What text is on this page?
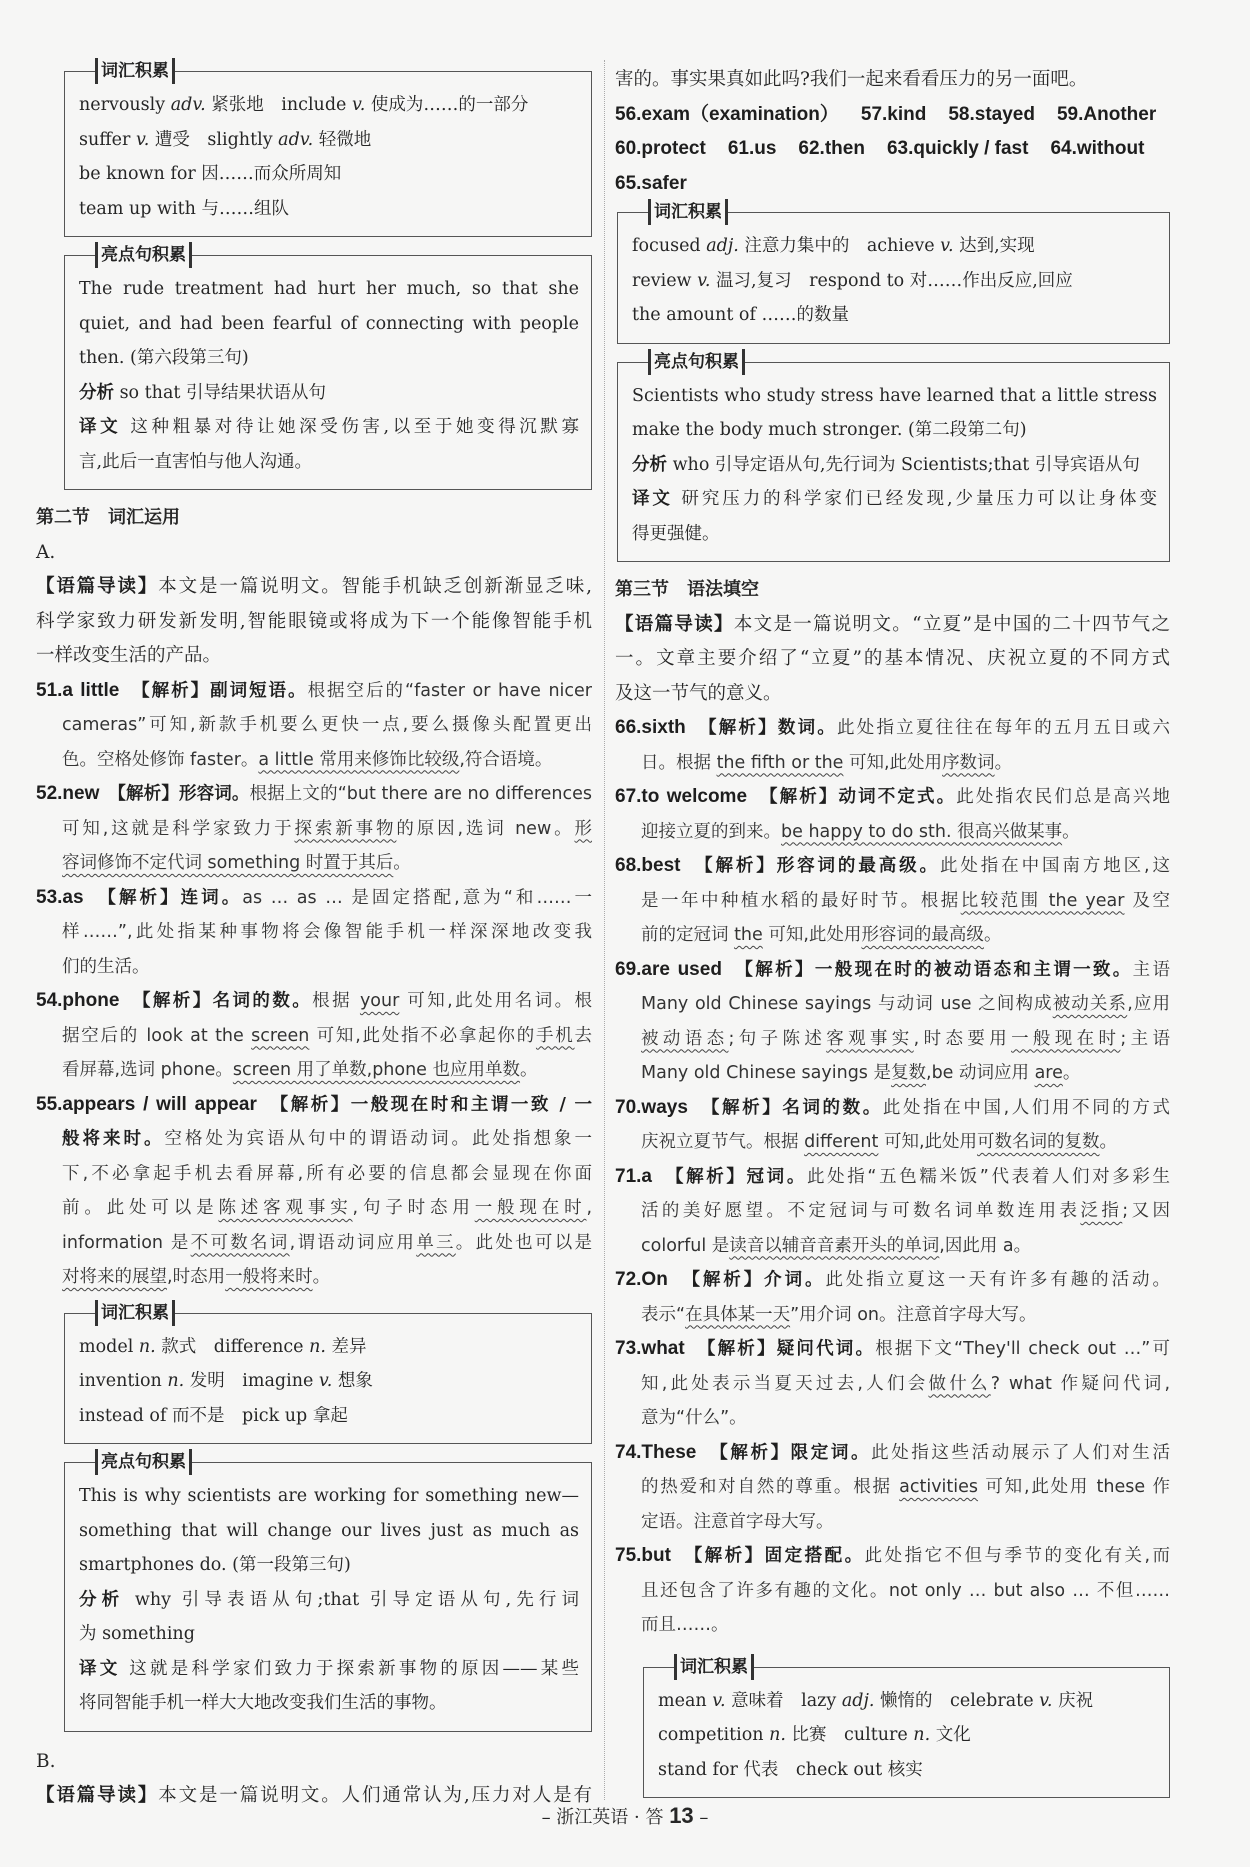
词汇积累
nervously adv. 紧张地　include v. 使成为……的一部分
suffer v. 遭受　slightly adv. 轻微地
be known for 因……而众所周知
team up with 与……组队
亮点句积累
The rude treatment had hurt her much, so that she
quiet, and had been fearful of connecting with people
then. (第六段第三句)
分析 so that 引导结果状语从句
译文 这种粗暴对待让她深受伤害,以至于她变得沉默寡
言,此后一直害怕与他人沟通。
第二节　词汇运用
A.
【语篇导读】本文是一篇说明文。智能手机缺乏创新渐显乏味,
科学家致力研发新发明,智能眼镜或将成为下一个能像智能手机
一样改变生活的产品。
51.a little　 【解析】副词短语。根据空后的“faster or have nicer
cameras”可知,新款手机要么更快一点,要么摄像头配置更出
色。空格处修饰 faster。a little 常用来修饰比较级,符合语境。
52.new　 【解析】形容词。根据上文的“but there are no differences
可知,这就是科学家致力于探索新事物的原因,选词 new。形
容词修饰不定代词 something 时置于其后。
53.as　 【解析】连词。as … as … 是固定搭配,意为“和……一
样……”,此处指某种事物将会像智能手机一样深深地改变我
们的生活。
54.phone　 【解析】名词的数。根据 your 可知,此处用名词。根
据空后的 look at the screen 可知,此处指不必拿起你的手机去
看屏幕,选词 phone。screen 用了单数,phone 也应用单数。
55.appears / will appear　 【解析】一般现在时和主谓一致 / 一
般将来时。空格处为宾语从句中的谓语动词。此处指想象一
下,不必拿起手机去看屏幕,所有必要的信息都会显现在你面
前。此处可以是陈述客观事实,句子时态用一般现在时,
information 是不可数名词,谓语动词应用单三。此处也可以是
对将来的展望,时态用一般将来时。
词汇积累
model n. 款式　difference n. 差异
invention n. 发明　imagine v. 想象
instead of 而不是　pick up 拿起
亮点句积累
This is why scientists are working for something new—
something that will change our lives just as much as
smartphones do. (第一段第三句)
分析 why 引导表语从句;that 引导定语从句,先行词
为 something
译文 这就是科学家们致力于探索新事物的原因——某些
将同智能手机一样大大地改变我们生活的事物。
B.
【语篇导读】本文是一篇说明文。人们通常认为,压力对人是有
害的。事实果真如此吗?我们一起来看看压力的另一面吧。
56.exam（examination） 57.kind 58.stayed 59.Another
60.protect 61.us 62.then 63.quickly / fast 64.without
65.safer
词汇积累
focused adj. 注意力集中的　achieve v. 达到,实现
review v. 温习,复习　respond to 对……作出反应,回应
the amount of ……的数量
亮点句积累
Scientists who study stress have learned that a little stress
make the body much stronger. (第二段第二句)
分析 who 引导定语从句,先行词为 Scientists;that 引导宾语从句
译文 研究压力的科学家们已经发现,少量压力可以让身体变
得更强健。
第三节　语法填空
【语篇导读】本文是一篇说明文。“立夏”是中国的二十四节气之
一。文章主要介绍了“立夏”的基本情况、庆祝立夏的不同方式
及这一节气的意义。
66.sixth　 【解析】数词。此处指立夏往往在每年的五月五日或六
日。根据 the fifth or the 可知,此处用序数词。
67.to welcome　 【解析】动词不定式。此处指农民们总是高兴地
迎接立夏的到来。be happy to do sth. 很高兴做某事。
68.best　 【解析】形容词的最高级。此处指在中国南方地区,这
是一年中种植水稻的最好时节。根据比较范围 the year 及空
前的定冠词 the 可知,此处用形容词的最高级。
69.are used　 【解析】一般现在时的被动语态和主谓一致。主语
Many old Chinese sayings 与动词 use 之间构成被动关系,应用
被动语态;句子陈述客观事实,时态要用一般现在时;主语
Many old Chinese sayings 是复数,be 动词应用 are。
70.ways　 【解析】名词的数。此处指在中国,人们用不同的方式
庆祝立夏节气。根据 different 可知,此处用可数名词的复数。
71.a　 【解析】冠词。此处指“五色糯米饭”代表着人们对多彩生
活的美好愿望。不定冠词与可数名词单数连用表泛指;又因
colorful 是读音以辅音音素开头的单词,因此用 a。
72.On　 【解析】介词。此处指立夏这一天有许多有趣的活动。
表示“在具体某一天”用介词 on。注意首字母大写。
73.what　 【解析】疑问代词。根据下文“They'll check out …”可
知,此处表示当夏天过去,人们会做什么? what 作疑问代词,
意为“什么”。
74.These　 【解析】限定词。此处指这些活动展示了人们对生活
的热爱和对自然的尊重。根据 activities 可知,此处用 these 作
定语。注意首字母大写。
75.but　 【解析】固定搭配。此处指它不但与季节的变化有关,而
且还包含了许多有趣的文化。not only … but also … 不但……
而且……。
词汇积累
mean v. 意味着　lazy adj. 懒惰的　celebrate v. 庆祝
competition n. 比赛　culture n. 文化
stand for 代表　check out 核实
– 浙江英语 · 答 13 –
